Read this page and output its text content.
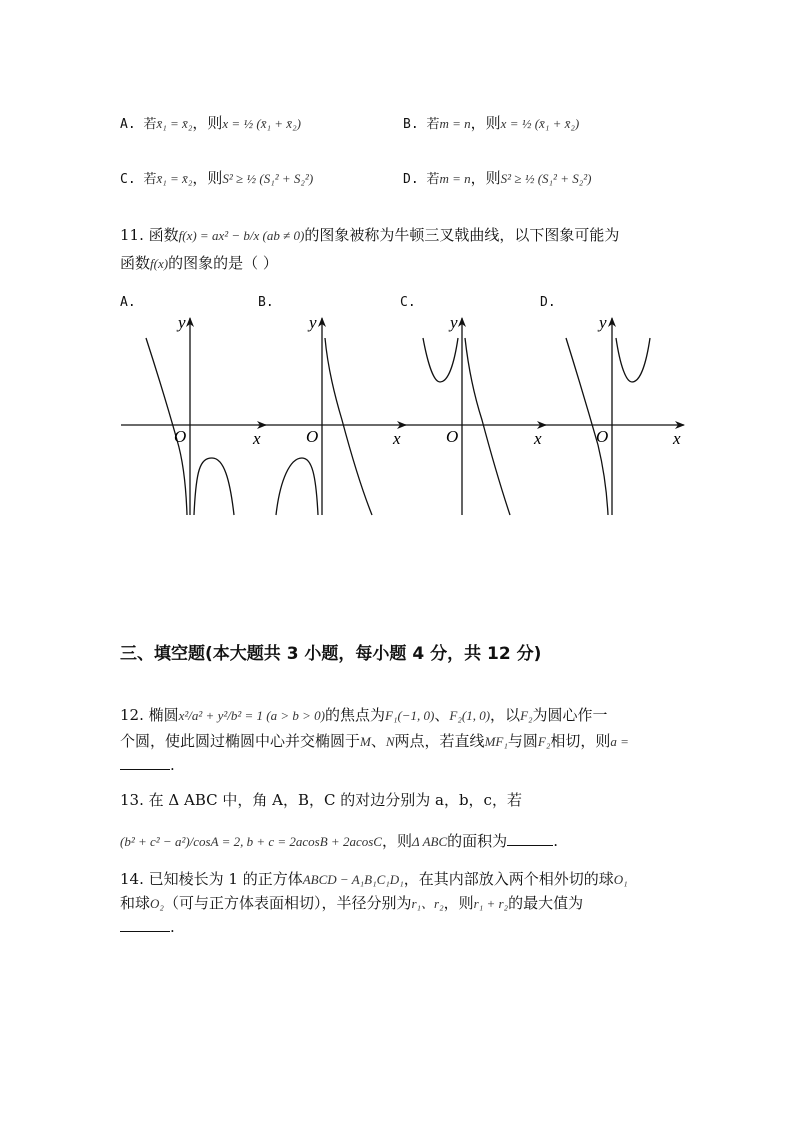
A. 若x̄₁ = x̄₂，则x = ½ (x̄₁ + x̄₂)	B. 若m = n，则x = ½ (x̄₁ + x̄₂)
C. 若x̄₁ = x̄₂，则S² ≥ ½ (S₁² + S₂²)	D. 若m = n，则S² ≥ ½ (S₁² + S₂²)
11. 函数f(x) = ax² − b/x (ab ≠ 0)的图象被称为牛顿三叉戟曲线，以下图象可能为
函数f(x)的图象的是（ ）
A.	B.	C.	D.
y
x
O
y
x
O
y
x
O
y
x
O
三、填空题(本大题共 3 小题，每小题 4 分，共 12 分)
12. 椭圆x²/a² + y²/b² = 1 (a > b > 0)的焦点为F₁(−1, 0)、F₂(1, 0)，以F₂为圆心作一
个圆，使此圆过椭圆中心并交椭圆于M、N两点，若直线MF₁与圆F₂相切，则a =
.
13. 在 Δ ABC 中，角 A，B，C 的对边分别为 a，b，c，若
(b² + c² − a²)/cosA = 2, b + c = 2acosB + 2acosC，则Δ ABC的面积为	.
14. 已知棱长为 1 的正方体ABCD − A₁B₁C₁D₁，在其内部放入两个相外切的球O₁
和球O₂（可与正方体表面相切），半径分别为r₁、r₂，则r₁ + r₂的最大值为
.
